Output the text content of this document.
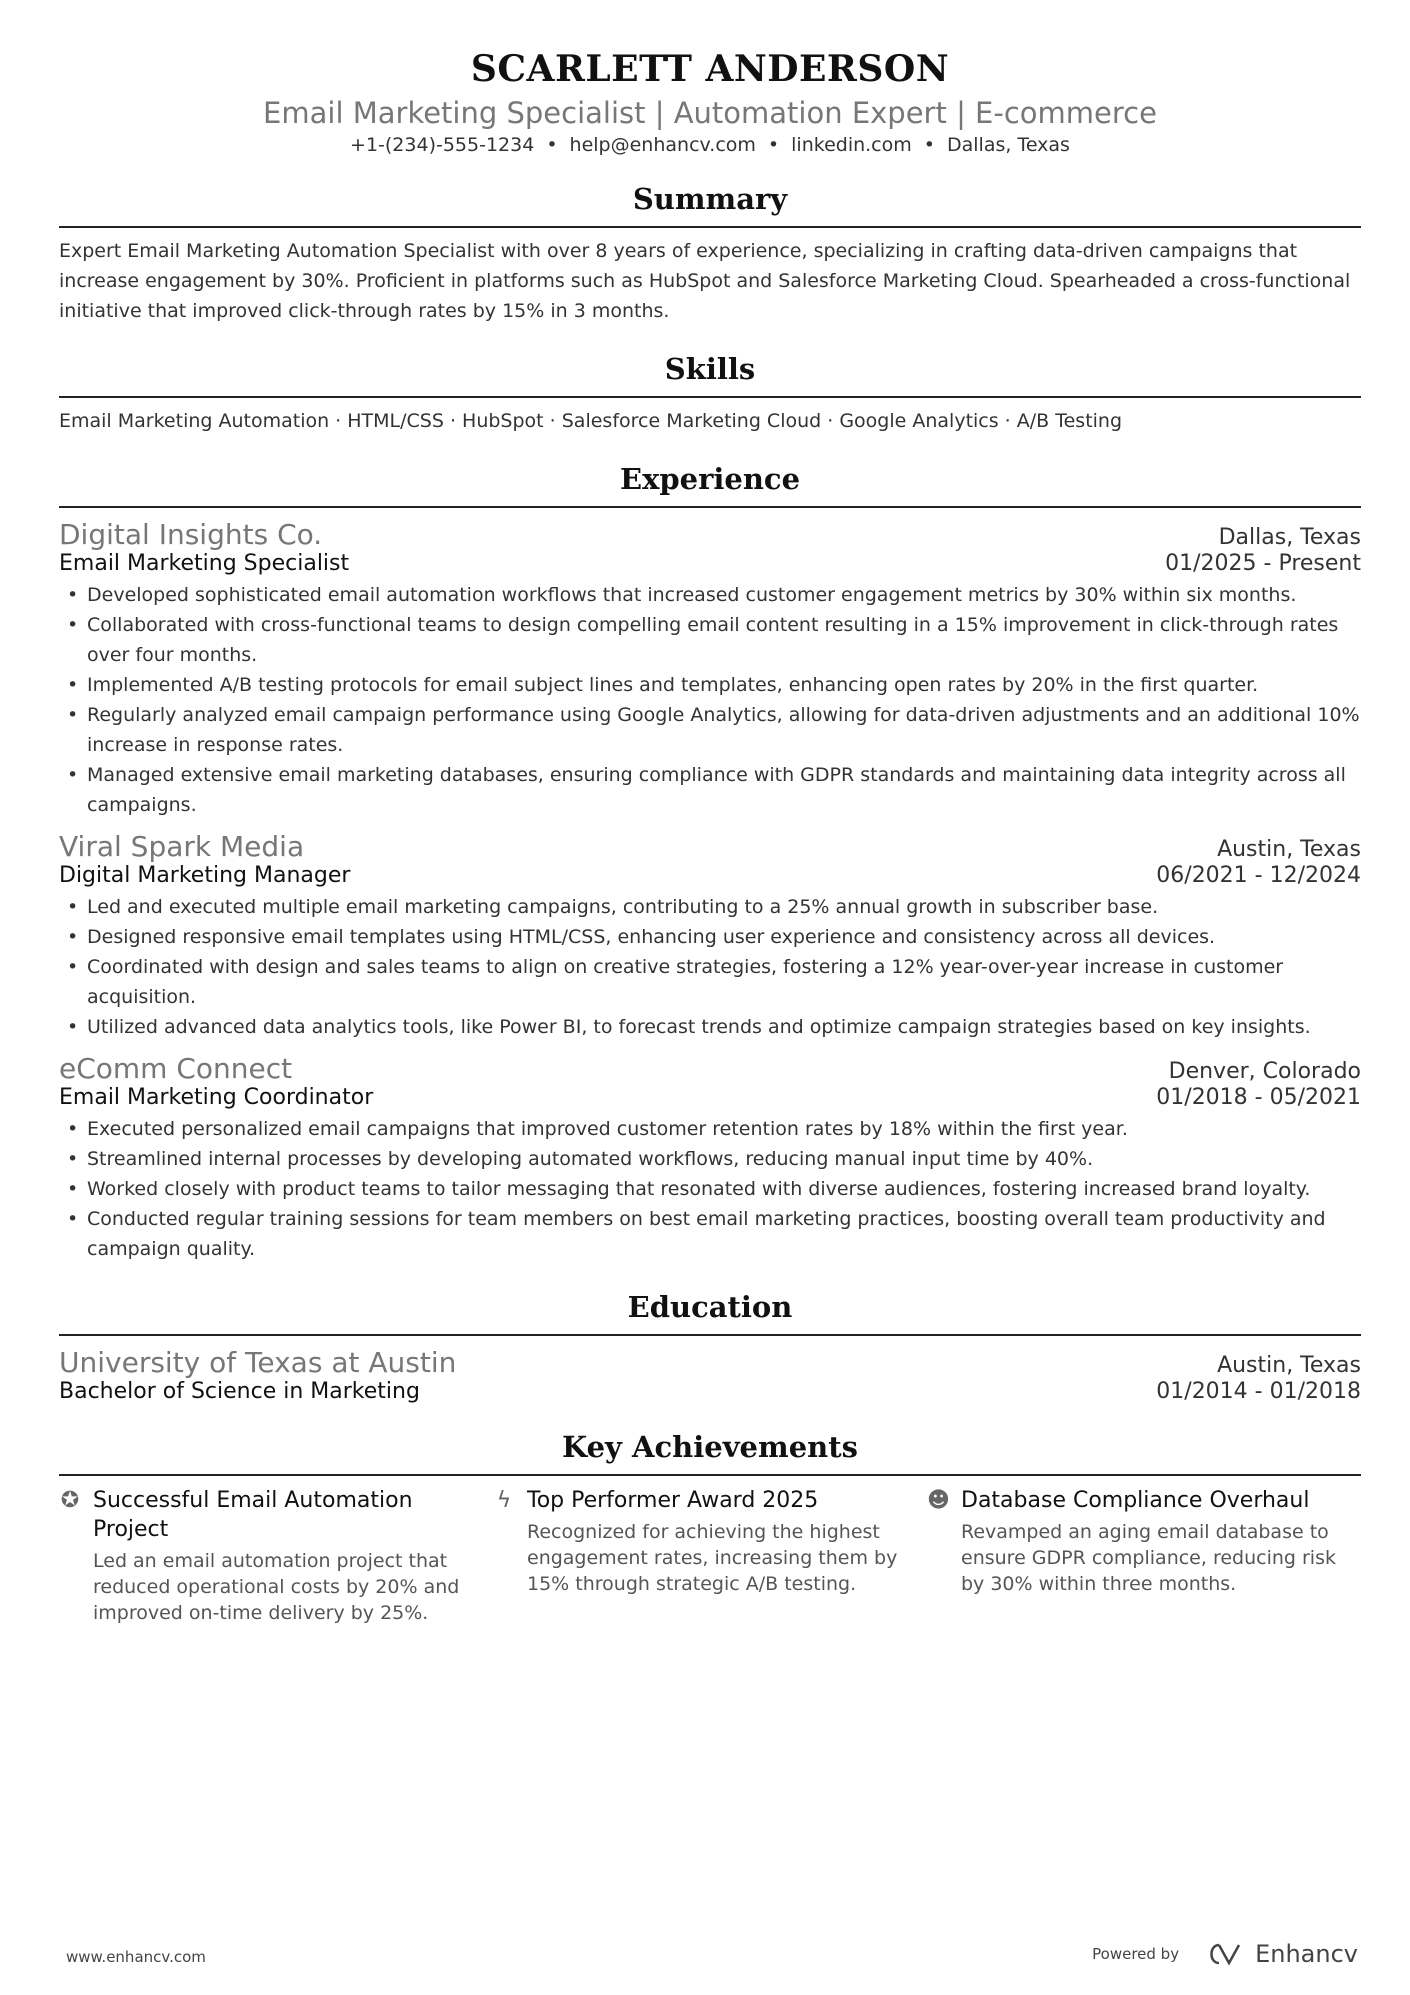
SCARLETT ANDERSON
Email Marketing Specialist | Automation Expert | E-commerce
+1-(234)-555-1234 • help@enhancv.com • linkedin.com • Dallas, Texas
Summary
Expert Email Marketing Automation Specialist with over 8 years of experience, specializing in crafting data-driven campaigns that increase engagement by 30%. Proficient in platforms such as HubSpot and Salesforce Marketing Cloud. Spearheaded a cross-functional initiative that improved click-through rates by 15% in 3 months.
Skills
Email Marketing Automation · HTML/CSS · HubSpot · Salesforce Marketing Cloud · Google Analytics · A/B Testing
Experience
Digital Insights Co.	Dallas, Texas
Email Marketing Specialist	01/2025 - Present
• Developed sophisticated email automation workflows that increased customer engagement metrics by 30% within six months.
• Collaborated with cross-functional teams to design compelling email content resulting in a 15% improvement in click-through rates over four months.
• Implemented A/B testing protocols for email subject lines and templates, enhancing open rates by 20% in the first quarter.
• Regularly analyzed email campaign performance using Google Analytics, allowing for data-driven adjustments and an additional 10% increase in response rates.
• Managed extensive email marketing databases, ensuring compliance with GDPR standards and maintaining data integrity across all campaigns.
Viral Spark Media	Austin, Texas
Digital Marketing Manager	06/2021 - 12/2024
• Led and executed multiple email marketing campaigns, contributing to a 25% annual growth in subscriber base.
• Designed responsive email templates using HTML/CSS, enhancing user experience and consistency across all devices.
• Coordinated with design and sales teams to align on creative strategies, fostering a 12% year-over-year increase in customer acquisition.
• Utilized advanced data analytics tools, like Power BI, to forecast trends and optimize campaign strategies based on key insights.
eComm Connect	Denver, Colorado
Email Marketing Coordinator	01/2018 - 05/2021
• Executed personalized email campaigns that improved customer retention rates by 18% within the first year.
• Streamlined internal processes by developing automated workflows, reducing manual input time by 40%.
• Worked closely with product teams to tailor messaging that resonated with diverse audiences, fostering increased brand loyalty.
• Conducted regular training sessions for team members on best email marketing practices, boosting overall team productivity and campaign quality.
Education
University of Texas at Austin	Austin, Texas
Bachelor of Science in Marketing	01/2014 - 01/2018
Key Achievements
✪ Successful Email Automation Project
Led an email automation project that reduced operational costs by 20% and improved on-time delivery by 25%.
ϟ Top Performer Award 2025
Recognized for achieving the highest engagement rates, increasing them by 15% through strategic A/B testing.
☻ Database Compliance Overhaul
Revamped an aging email database to ensure GDPR compliance, reducing risk by 30% within three months.
www.enhancv.com	Powered by	Enhancv
